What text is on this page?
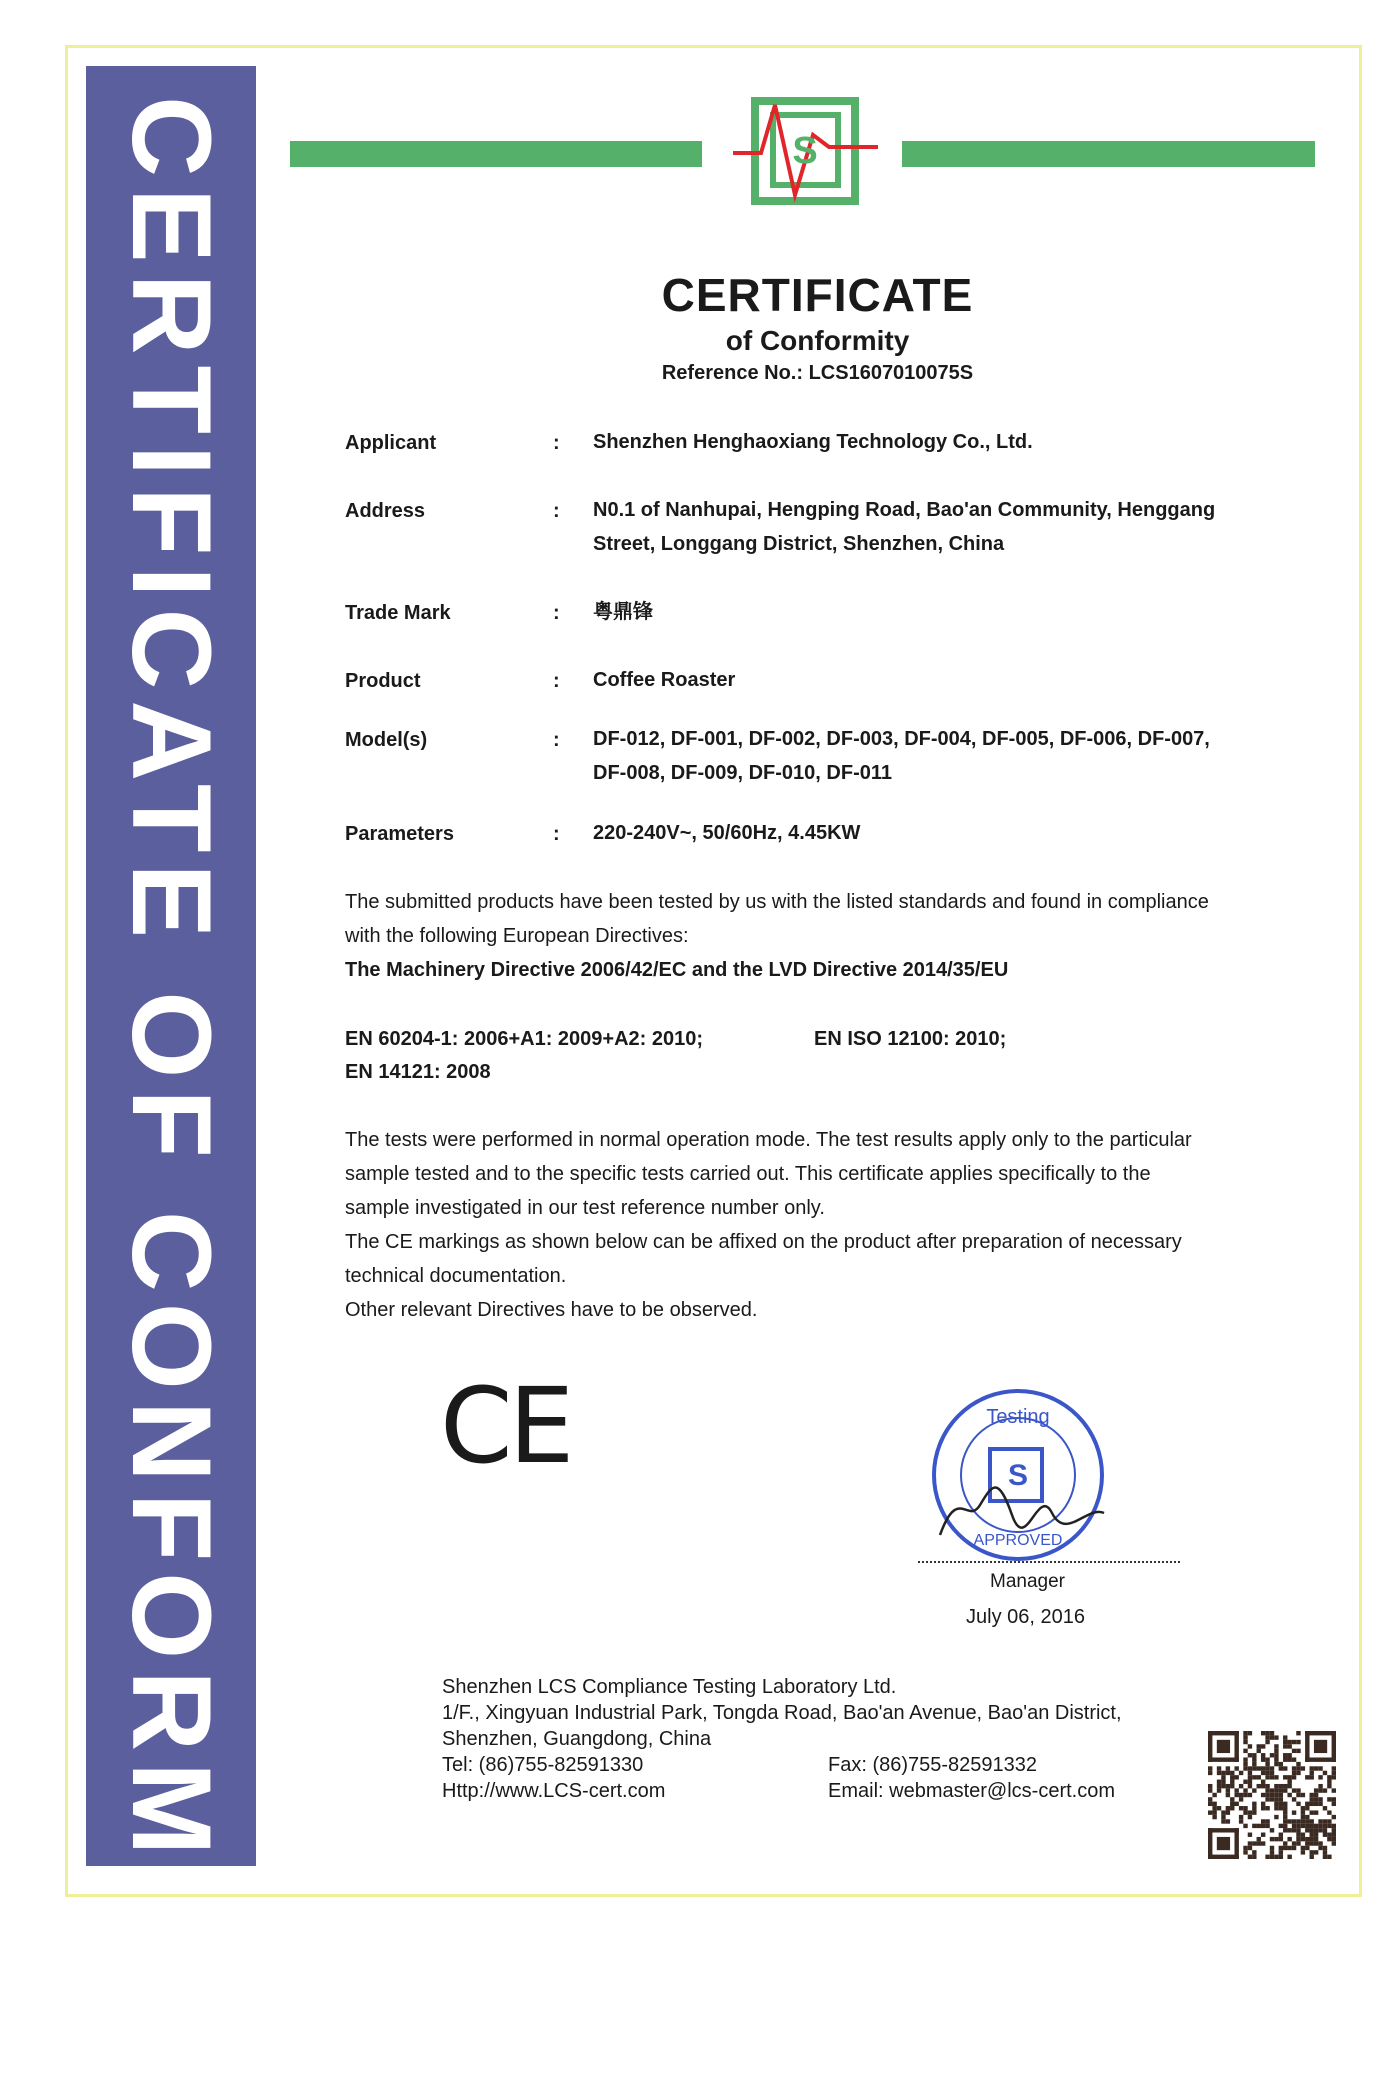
CERTIFICATE OF CONFORMITY	S
CERTIFICATE
of Conformity
Reference No.: LCS1607010075S
Applicant	: Shenzhen Henghaoxiang Technology Co., Ltd.
Address	: N0.1 of Nanhupai, Hengping Road, Bao'an Community, Henggang
Street, Longgang District, Shenzhen, China
Trade Mark	: 粤鼎锋
Product	: Coffee Roaster
Model(s)	: DF-012, DF-001, DF-002, DF-003, DF-004, DF-005, DF-006, DF-007,
DF-008, DF-009, DF-010, DF-011
Parameters	: 220-240V~, 50/60Hz, 4.45KW
The submitted products have been tested by us with the listed standards and found in compliance
with the following European Directives:
The Machinery Directive 2006/42/EC and the LVD Directive 2014/35/EU
EN 60204-1: 2006+A1: 2009+A2: 2010;	EN ISO 12100: 2010;
EN 14121: 2008
The tests were performed in normal operation mode. The test results apply only to the particular
sample tested and to the specific tests carried out. This certificate applies specifically to the
sample investigated in our test reference number only.
The CE markings as shown below can be affixed on the product after preparation of necessary
technical documentation.
Other relevant Directives have to be observed.
CE	S
Testing
APPROVED
Manager
July 06, 2016
Shenzhen LCS Compliance Testing Laboratory Ltd.
1/F., Xingyuan Industrial Park, Tongda Road, Bao'an Avenue, Bao'an District,
Shenzhen, Guangdong, China
Tel: (86)755-82591330	Fax: (86)755-82591332
Http://www.LCS-cert.com	Email: webmaster@lcs-cert.com
